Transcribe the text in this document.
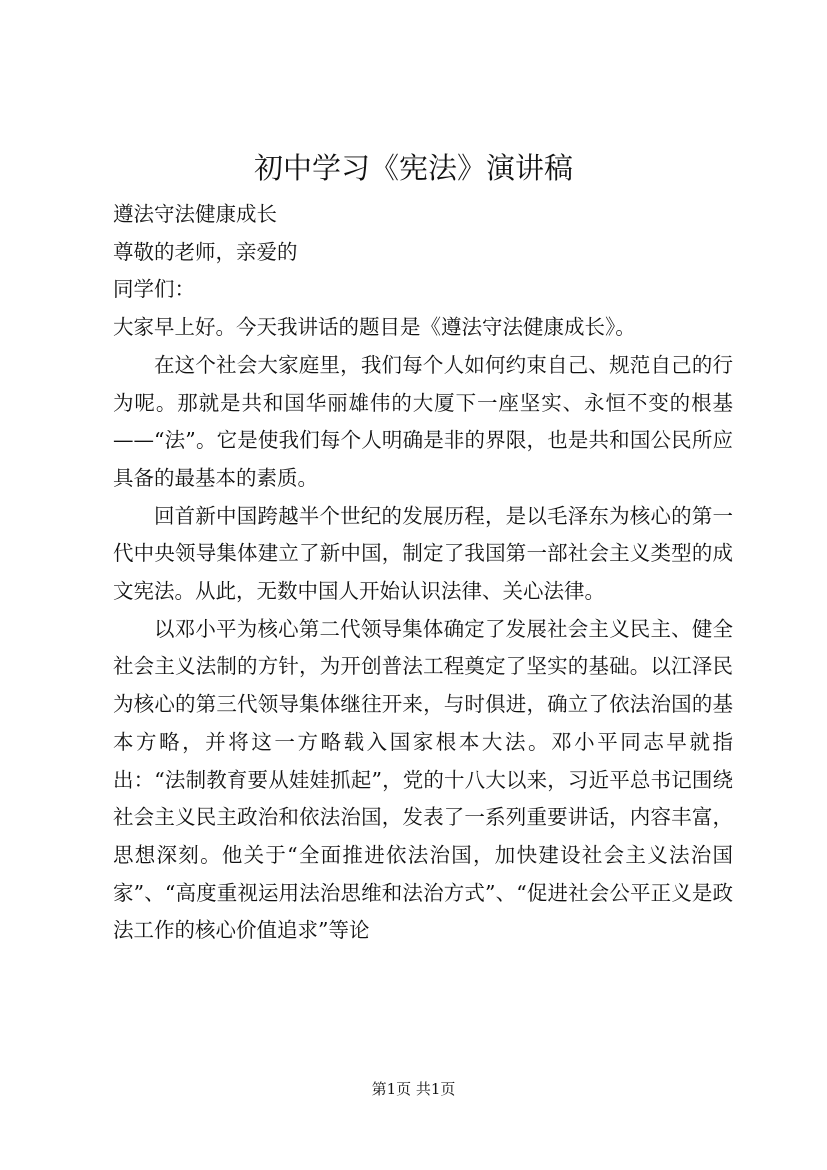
初中学习《宪法》演讲稿

遵法守法健康成长

尊敬的老师，亲爱的

同学们：

大家早上好。今天我讲话的题目是《遵法守法健康成长》。

在这个社会大家庭里，我们每个人如何约束自己、规范自己的行为呢。那就是共和国华丽雄伟的大厦下一座坚实、永恒不变的根基——“法”。它是使我们每个人明确是非的界限，也是共和国公民所应具备的最基本的素质。

回首新中国跨越半个世纪的发展历程，是以毛泽东为核心的第一代中央领导集体建立了新中国，制定了我国第一部社会主义类型的成文宪法。从此，无数中国人开始认识法律、关心法律。

以邓小平为核心第二代领导集体确定了发展社会主义民主、健全社会主义法制的方针，为开创普法工程奠定了坚实的基础。以江泽民为核心的第三代领导集体继往开来，与时俱进，确立了依法治国的基本方略，并将这一方略载入国家根本大法。邓小平同志早就指出：“法制教育要从娃娃抓起”，党的十八大以来，习近平总书记围绕社会主义民主政治和依法治国，发表了一系列重要讲话，内容丰富，思想深刻。他关于“全面推进依法治国，加快建设社会主义法治国家”、“高度重视运用法治思维和法治方式”、“促进社会公平正义是政法工作的核心价值追求”等论

第1页 共1页
